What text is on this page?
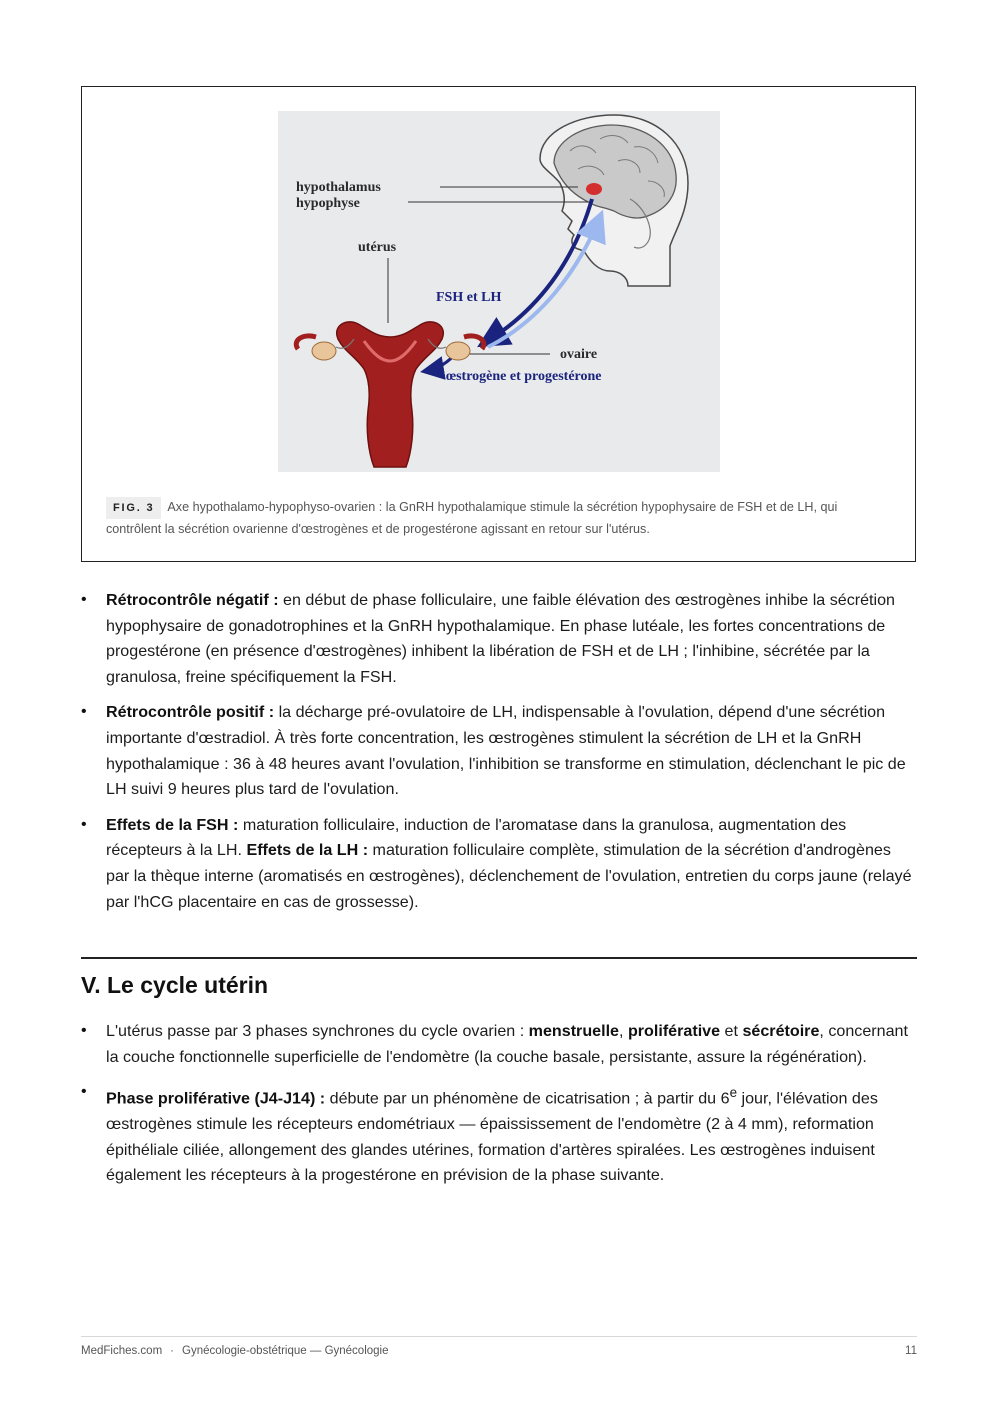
hypothalamus
hypophyse
utérus
FSH et LH
ovaire
œstrogène et progestérone
FIG. 3 Axe hypothalamo-hypophyso-ovarien : la GnRH hypothalamique stimule la sécrétion hypophysaire de FSH et de LH, qui contrôlent la sécrétion ovarienne d'œstrogènes et de progestérone agissant en retour sur l'utérus.
• Rétrocontrôle négatif : en début de phase folliculaire, une faible élévation des œstrogènes inhibe la sécrétion hypophysaire de gonadotrophines et la GnRH hypothalamique. En phase lutéale, les fortes concentrations de progestérone (en présence d'œstrogènes) inhibent la libération de FSH et de LH ; l'inhibine, sécrétée par la granulosa, freine spécifiquement la FSH.
• Rétrocontrôle positif : la décharge pré-ovulatoire de LH, indispensable à l'ovulation, dépend d'une sécrétion importante d'œstradiol. À très forte concentration, les œstrogènes stimulent la sécrétion de LH et la GnRH hypothalamique : 36 à 48 heures avant l'ovulation, l'inhibition se transforme en stimulation, déclenchant le pic de LH suivi 9 heures plus tard de l'ovulation.
• Effets de la FSH : maturation folliculaire, induction de l'aromatase dans la granulosa, augmentation des récepteurs à la LH. Effets de la LH : maturation folliculaire complète, stimulation de la sécrétion d'androgènes par la thèque interne (aromatisés en œstrogènes), déclenchement de l'ovulation, entretien du corps jaune (relayé par l'hCG placentaire en cas de grossesse).
V. Le cycle utérin
• L'utérus passe par 3 phases synchrones du cycle ovarien : menstruelle, proliférative et sécrétoire, concernant la couche fonctionnelle superficielle de l'endomètre (la couche basale, persistante, assure la régénération).
• Phase proliférative (J4-J14) : débute par un phénomène de cicatrisation ; à partir du 6e jour, l'élévation des œstrogènes stimule les récepteurs endométriaux — épaississement de l'endomètre (2 à 4 mm), reformation épithéliale ciliée, allongement des glandes utérines, formation d'artères spiralées. Les œstrogènes induisent également les récepteurs à la progestérone en prévision de la phase suivante.
MedFiches.com · Gynécologie-obstétrique — Gynécologie	11
